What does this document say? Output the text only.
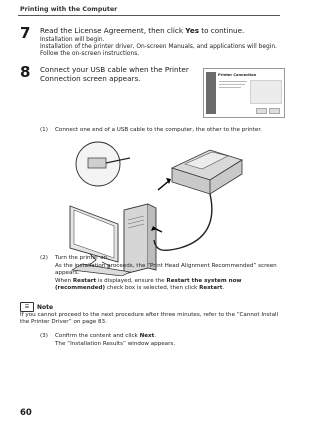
Printing with the Computer
7 Read the License Agreement, then click Yes to continue.
Installation will begin.
Installation of the printer driver, On-screen Manuals, and applications will begin. Follow the on-screen instructions.
8 Connect your USB cable when the Printer Connection screen appears.	Printer Connection
(1) Connect one end of a USB cable to the computer, the other to the printer.
(2) Turn the printer on.
As the installation proceeds, the “Print Head Alignment Recommended” screen appears.
When Restart is displayed, ensure the Restart the system now (recommended) check box is selected, then click Restart.
☰	Note
If you cannot proceed to the next procedure after three minutes, refer to the “Cannot Install the Printer Driver” on page 83.
(3) Confirm the content and click Next.
The “Installation Results” window appears.
60
